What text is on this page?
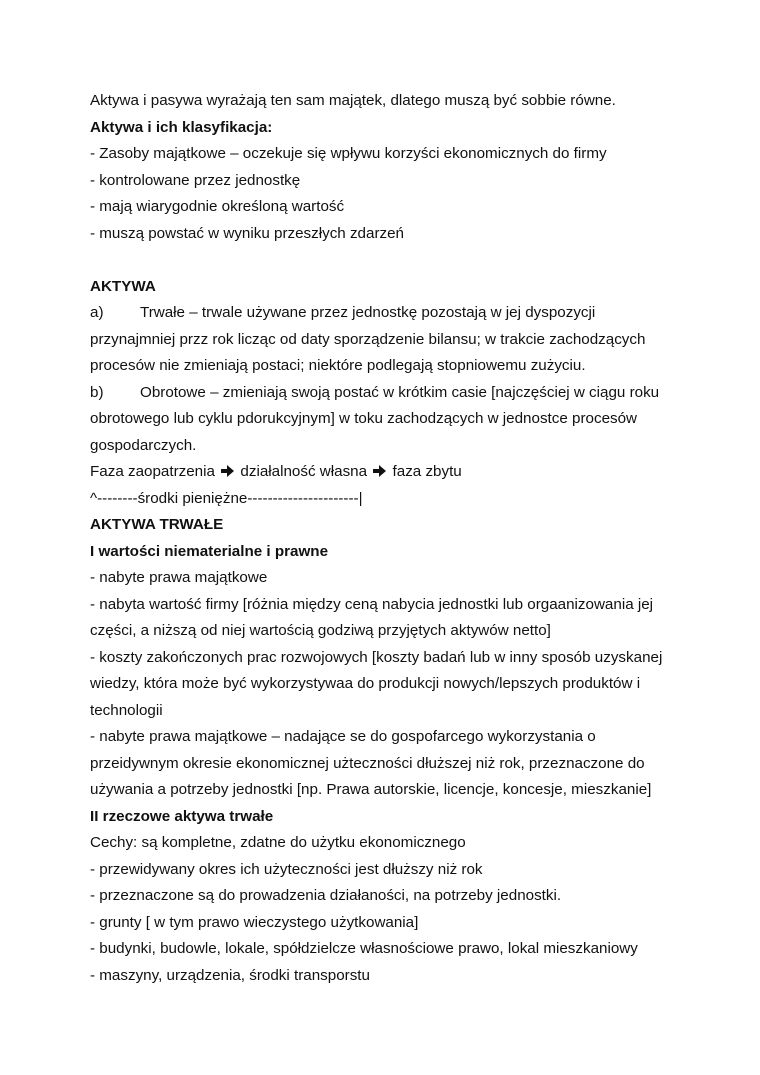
Aktywa i pasywa wyrażają ten sam majątek, dlatego muszą być sobbie równe.
Aktywa i ich klasyfikacja:
- Zasoby majątkowe – oczekuje się wpływu korzyści ekonomicznych do firmy
- kontrolowane przez jednostkę
- mają wiarygodnie określoną wartość
- muszą powstać w wyniku przeszłych zdarzeń
AKTYWA
a)	Trwałe – trwale używane przez jednostkę pozostają w jej dyspozycji
przynajmniej przz rok licząc od daty sporządzenie bilansu; w trakcie zachodzących
procesów nie zmieniają postaci; niektóre podlegają stopniowemu zużyciu.
b)	Obrotowe – zmieniają swoją postać w krótkim casie [najczęściej w ciągu roku
obrotowego lub cyklu pdorukcyjnym] w toku zachodzących w jednostce procesów
gospodarczych.
Faza zaopatrzenia działalność własna faza zbytu
^--------środki pieniężne----------------------|
AKTYWA TRWAŁE
I wartości niematerialne i prawne
- nabyte prawa majątkowe
- nabyta wartość firmy [różnia między ceną nabycia jednostki lub orgaanizowania jej
części, a niższą od niej wartością godziwą przyjętych aktywów netto]
- koszty zakończonych prac rozwojowych [koszty badań lub w inny sposób uzyskanej
wiedzy, która może być wykorzystywaa do produkcji nowych/lepszych produktów i
technologii
- nabyte prawa majątkowe – nadające se do gospofarcego wykorzystania o
przeidywnym okresie ekonomicznej użteczności dłuższej niż rok, przeznaczone do
używania a potrzeby jednostki [np. Prawa autorskie, licencje, koncesje, mieszkanie]
II rzeczowe aktywa trwałe
Cechy: są kompletne, zdatne do użytku ekonomicznego
- przewidywany okres ich użyteczności jest dłuższy niż rok
- przeznaczone są do prowadzenia działaności, na potrzeby jednostki.
- grunty [ w tym prawo wieczystego użytkowania]
- budynki, budowle, lokale, spółdzielcze własnościowe prawo, lokal mieszkaniowy
- maszyny, urządzenia, środki transporstu
